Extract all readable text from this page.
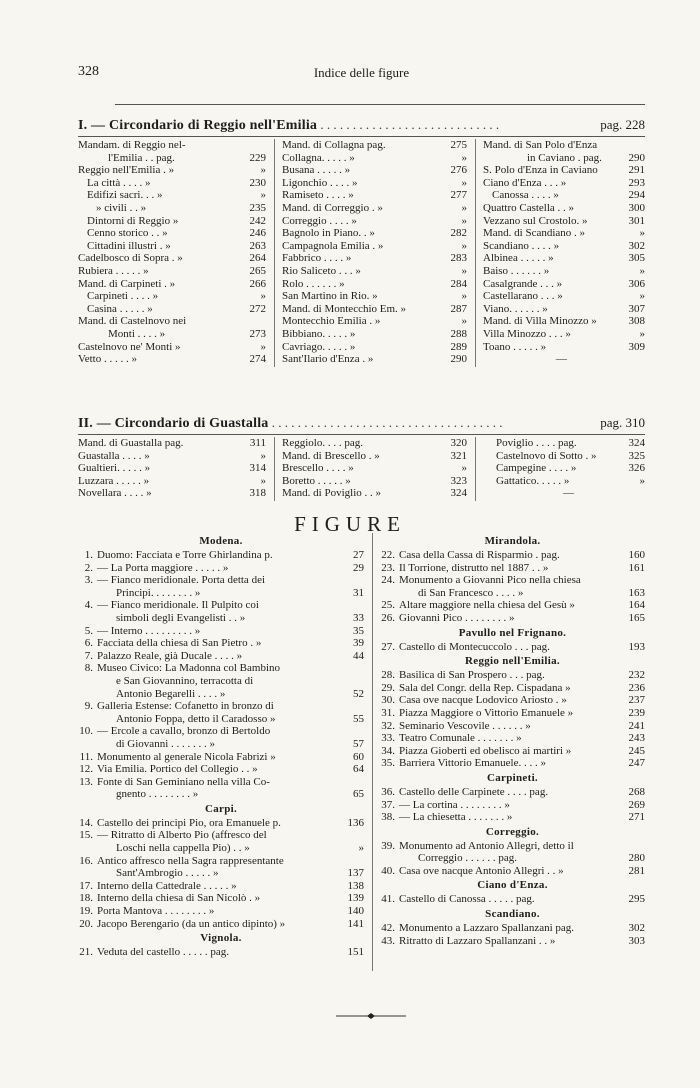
328	Indice delle figure
I. — Circondario di Reggio nell'Emilia . . . . . . . . . . . . . . . . . . . . . . . . . . . .	pag. 228
Mandam. di Reggio nel-
l'Emilia . . pag.	229
Reggio nell'Emilia . »	»
La città . . . . »	230
Edifizi sacri. . . »	»
» civili . . »	235
Dintorni di Reggio »	242
Cenno storico . . »	246
Cittadini illustri . »	263
Cadelbosco di Sopra . »	264
Rubiera . . . . . »	265
Mand. di Carpineti . »	266
Carpineti . . . . »	»
Casina . . . . . »	272
Mand. di Castelnovo nei
Monti . . . . »	273
Castelnovo ne' Monti »	»
Vetto . . . . . »	274
Mand. di Collagna pag.	275
Collagna. . . . . »	»
Busana . . . . . »	276
Ligonchio . . . . »	»
Ramiseto . . . . »	277
Mand. di Correggio . »	»
Correggio . . . . »	»
Bagnolo in Piano. . »	282
Campagnola Emilia . »	»
Fabbrico . . . . »	283
Rio Saliceto . . . »	»
Rolo . . . . . . »	284
San Martino in Rio. »	»
Mand. di Montecchio Em. »	287
Montecchio Emilia . »	»
Bibbiano. . . . . »	288
Cavriago. . . . . »	289
Sant'Ilario d'Enza . »	290
Mand. di San Polo d'Enza
in Caviano . pag. 290
S. Polo d'Enza in Caviano	291
Ciano d'Enza . . . »	293
Canossa . . . . »	294
Quattro Castella . . »	300
Vezzano sul Crostolo. »	301
Mand. di Scandiano . »	»
Scandiano . . . . »	302
Albinea . . . . . »	305
Baiso . . . . . . »	»
Casalgrande . . . »	306
Castellarano . . . »	»
Viano. . . . . . »	307
Mand. di Villa Minozzo »	308
Villa Minozzo . . . »	»
Toano . . . . . »	309
—
II. — Circondario di Guastalla . . . . . . . . . . . . . . . . . . . . . . . . . . . . . . . . . . . .	pag. 310
Mand. di Guastalla pag.	311
Guastalla . . . . »	»
Gualtieri. . . . . »	314
Luzzara . . . . . »	»
Novellara . . . . »	318
Reggiolo. . . . pag.	320
Mand. di Brescello . »	321
Brescello . . . . »	»
Boretto . . . . . »	323
Mand. di Poviglio . . »	324
Poviglio . . . . pag.	324
Castelnovo di Sotto . »	325
Campegine . . . . »	326
Gattatico. . . . . »	»
—
FIGURE
Modena.
1. Duomo: Facciata e Torre Ghirlandina p.	27
2. — La Porta maggiore . . . . . »	29
3. — Fianco meridionale. Porta detta dei
Principi. . . . . . . . »	31
4. — Fianco meridionale. Il Pulpito coi
simboli degli Evangelisti . . »	33
5. — Interno . . . . . . . . . »	35
6. Facciata della chiesa di San Pietro . »	39
7. Palazzo Reale, già Ducale . . . . »	44
8. Museo Civico: La Madonna col Bambino
e San Giovannino, terracotta di
Antonio Begarelli . . . . »	52
9. Galleria Estense: Cofanetto in bronzo di
Antonio Foppa, detto il Caradosso »	55
10. — Ercole a cavallo, bronzo di Bertoldo
di Giovanni . . . . . . . »	57
11. Monumento al generale Nicola Fabrizi »	60
12. Via Emilia. Portico del Collegio . . »	64
13. Fonte di San Geminiano nella villa Co-
gnento . . . . . . . . »	65
Carpi.
14. Castello dei principi Pio, ora Emanuele p.	136
15. — Ritratto di Alberto Pio (affresco del
Loschi nella cappella Pio) . . »	»
16. Antico affresco nella Sagra rappresentante
Sant'Ambrogio . . . . . »	137
17. Interno della Cattedrale . . . . . »	138
18. Interno della chiesa di San Nicolò . »	139
19. Porta Mantova . . . . . . . . »	140
20. Jacopo Berengario (da un antico dipinto) »	141
Vignola.
21. Veduta del castello . . . . . pag.	151
Mirandola.
22. Casa della Cassa di Risparmio . pag.	160
23. Il Torrione, distrutto nel 1887 . . »	161
24. Monumento a Giovanni Pico nella chiesa
di San Francesco . . . . »	163
25. Altare maggiore nella chiesa del Gesù »	164
26. Giovanni Pico . . . . . . . . »	165
Pavullo nel Frignano.
27. Castello di Montecuccolo . . . pag.	193
Reggio nell'Emilia.
28. Basilica di San Prospero . . . pag.	232
29. Sala del Congr. della Rep. Cispadana »	236
30. Casa ove nacque Lodovico Ariosto . »	237
31. Piazza Maggiore o Vittorio Emanuele »	239
32. Seminario Vescovile . . . . . . »	241
33. Teatro Comunale . . . . . . . »	243
34. Piazza Gioberti ed obelisco ai martiri »	245
35. Barriera Vittorio Emanuele. . . . »	247
Carpineti.
36. Castello delle Carpinete . . . . pag.	268
37. — La cortina . . . . . . . . »	269
38. — La chiesetta . . . . . . . »	271
Correggio.
39. Monumento ad Antonio Allegri, detto il
Correggio . . . . . . pag.	280
40. Casa ove nacque Antonio Allegri . . »	281
Ciano d'Enza.
41. Castello di Canossa . . . . . pag.	295
Scandiano.
42. Monumento a Lazzaro Spallanzani pag.	302
43. Ritratto di Lazzaro Spallanzani . . »	303
